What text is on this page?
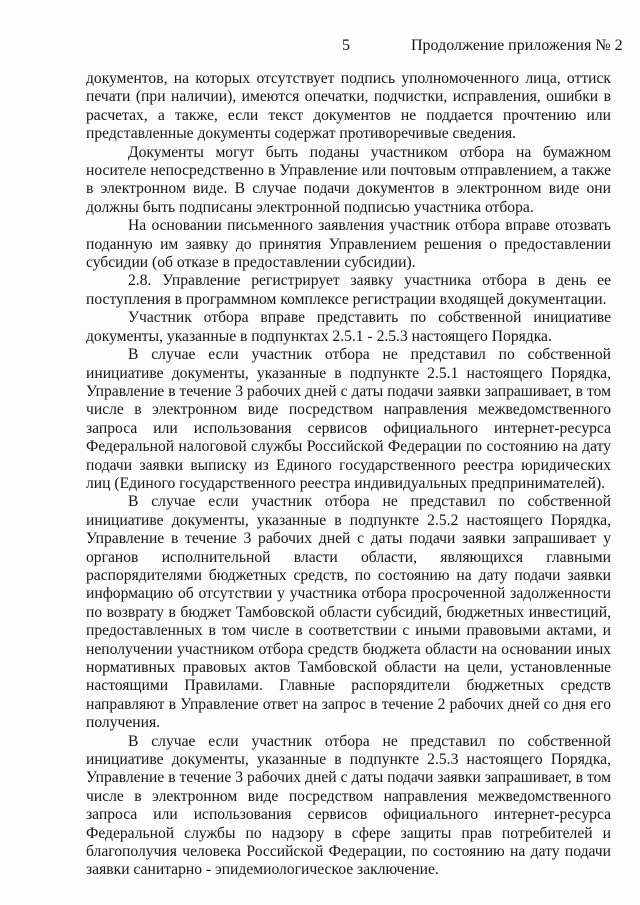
5	Продолжение приложения № 2

документов, на которых отсутствует подпись уполномоченного лица, оттиск печати (при наличии), имеются опечатки, подчистки, исправления, ошибки в расчетах, а также, если текст документов не поддается прочтению или представленные документы содержат противоречивые сведения.

Документы могут быть поданы участником отбора на бумажном носителе непосредственно в Управление или почтовым отправлением, а также в электронном виде. В случае подачи документов в электронном виде они должны быть подписаны электронной подписью участника отбора.

На основании письменного заявления участник отбора вправе отозвать поданную им заявку до принятия Управлением решения о предоставлении субсидии (об отказе в предоставлении субсидии).

2.8. Управление регистрирует заявку участника отбора в день ее поступления в программном комплексе регистрации входящей документации.

Участник отбора вправе представить по собственной инициативе документы, указанные в подпунктах 2.5.1 - 2.5.3 настоящего Порядка.

В случае если участник отбора не представил по собственной инициативе документы, указанные в подпункте 2.5.1 настоящего Порядка, Управление в течение 3 рабочих дней с даты подачи заявки запрашивает, в том числе в электронном виде посредством направления межведомственного запроса или использования сервисов официального интернет-ресурса Федеральной налоговой службы Российской Федерации по состоянию на дату подачи заявки выписку из Единого государственного реестра юридических лиц (Единого государственного реестра индивидуальных предпринимателей).

В случае если участник отбора не представил по собственной инициативе документы, указанные в подпункте 2.5.2 настоящего Порядка, Управление в течение 3 рабочих дней с даты подачи заявки запрашивает у органов исполнительной власти области, являющихся главными распорядителями бюджетных средств, по состоянию на дату подачи заявки информацию об отсутствии у участника отбора просроченной задолженности по возврату в бюджет Тамбовской области субсидий, бюджетных инвестиций, предоставленных в том числе в соответствии с иными правовыми актами, и неполучении участником отбора средств бюджета области на основании иных нормативных правовых актов Тамбовской области на цели, установленные настоящими Правилами. Главные распорядители бюджетных средств направляют в Управление ответ на запрос в течение 2 рабочих дней со дня его получения.

В случае если участник отбора не представил по собственной инициативе документы, указанные в подпункте 2.5.3 настоящего Порядка, Управление в течение 3 рабочих дней с даты подачи заявки запрашивает, в том числе в электронном виде посредством направления межведомственного запроса или использования сервисов официального интернет-ресурса Федеральной службы по надзору в сфере защиты прав потребителей и благополучия человека Российской Федерации, по состоянию на дату подачи заявки санитарно - эпидемиологическое заключение.
